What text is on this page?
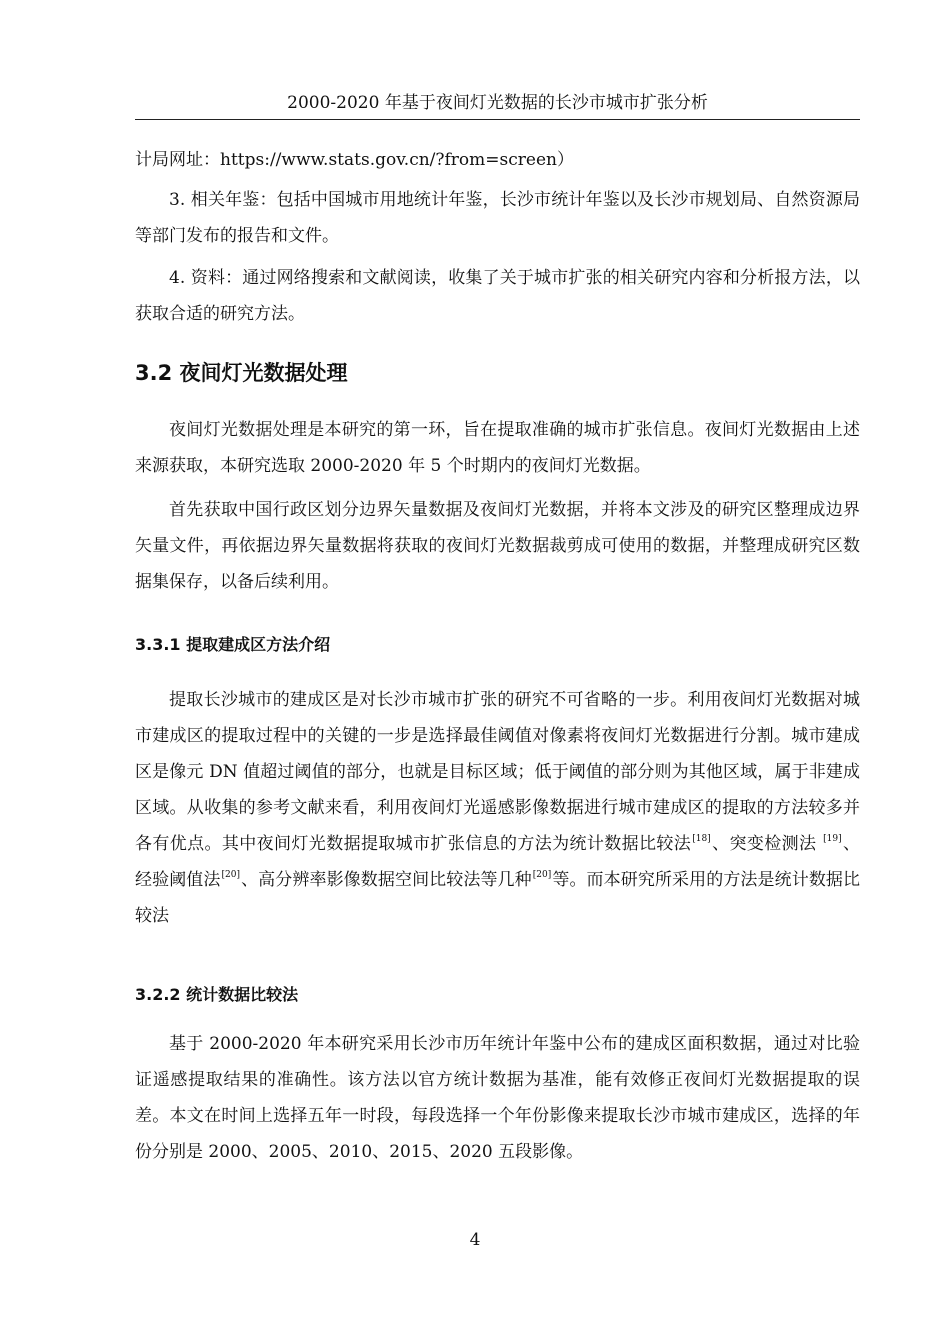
2000-2020 年基于夜间灯光数据的长沙市城市扩张分析

计局网址：https://www.stats.gov.cn/?from=screen）

3. 相关年鉴：包括中国城市用地统计年鉴，长沙市统计年鉴以及长沙市规划局、自然资源局等部门发布的报告和文件。

4. 资料：通过网络搜索和文献阅读，收集了关于城市扩张的相关研究内容和分析报方法，以获取合适的研究方法。

3.2 夜间灯光数据处理

夜间灯光数据处理是本研究的第一环，旨在提取准确的城市扩张信息。夜间灯光数据由上述来源获取，本研究选取 2000-2020 年 5 个时期内的夜间灯光数据。

首先获取中国行政区划分边界矢量数据及夜间灯光数据，并将本文涉及的研究区整理成边界矢量文件，再依据边界矢量数据将获取的夜间灯光数据裁剪成可使用的数据，并整理成研究区数据集保存，以备后续利用。

3.3.1 提取建成区方法介绍

提取长沙城市的建成区是对长沙市城市扩张的研究不可省略的一步。利用夜间灯光数据对城市建成区的提取过程中的关键的一步是选择最佳阈值对像素将夜间灯光数据进行分割。城市建成区是像元 DN 值超过阈值的部分，也就是目标区域；低于阈值的部分则为其他区域，属于非建成区域。从收集的参考文献来看，利用夜间灯光遥感影像数据进行城市建成区的提取的方法较多并各有优点。其中夜间灯光数据提取城市扩张信息的方法为统计数据比较法[18]、突变检测法 [19]、经验阈值法[20]、高分辨率影像数据空间比较法等几种[20]等。而本研究所采用的方法是统计数据比较法

3.2.2 统计数据比较法

基于 2000-2020 年本研究采用长沙市历年统计年鉴中公布的建成区面积数据，通过对比验证遥感提取结果的准确性。该方法以官方统计数据为基准，能有效修正夜间灯光数据提取的误差。本文在时间上选择五年一时段，每段选择一个年份影像来提取长沙市城市建成区，选择的年份分别是 2000、2005、2010、2015、2020 五段影像。

4
